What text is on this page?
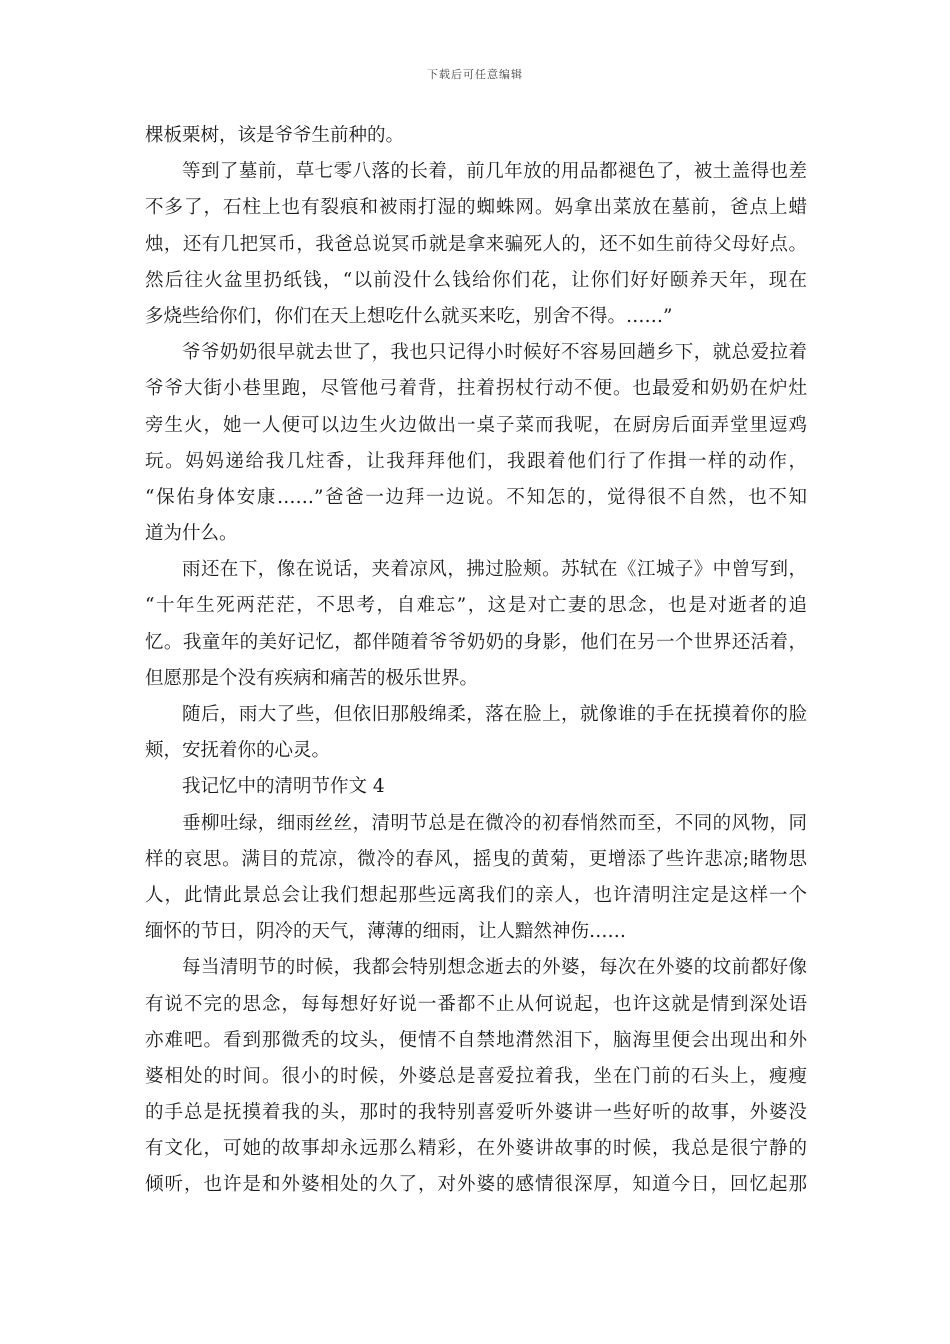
下载后可任意编辑
棵板栗树，该是爷爷生前种的。
等到了墓前，草七零八落的长着，前几年放的用品都褪色了，被土盖得也差
不多了，石柱上也有裂痕和被雨打湿的蜘蛛网。妈拿出菜放在墓前，爸点上蜡
烛，还有几把冥币，我爸总说冥币就是拿来骗死人的，还不如生前待父母好点。
然后往火盆里扔纸钱，“以前没什么钱给你们花，让你们好好颐养天年，现在
多烧些给你们，你们在天上想吃什么就买来吃，别舍不得。……”
爷爷奶奶很早就去世了，我也只记得小时候好不容易回趟乡下，就总爱拉着
爷爷大街小巷里跑，尽管他弓着背，拄着拐杖行动不便。也最爱和奶奶在炉灶
旁生火，她一人便可以边生火边做出一桌子菜而我呢，在厨房后面弄堂里逗鸡
玩。妈妈递给我几炷香，让我拜拜他们，我跟着他们行了作揖一样的动作，
“保佑身体安康……”爸爸一边拜一边说。不知怎的，觉得很不自然，也不知
道为什么。
雨还在下，像在说话，夹着凉风，拂过脸颊。苏轼在《江城子》中曾写到，
“十年生死两茫茫，不思考，自难忘”，这是对亡妻的思念，也是对逝者的追
忆。我童年的美好记忆，都伴随着爷爷奶奶的身影，他们在另一个世界还活着，
但愿那是个没有疾病和痛苦的极乐世界。
随后，雨大了些，但依旧那般绵柔，落在脸上，就像谁的手在抚摸着你的脸
颊，安抚着你的心灵。
我记忆中的清明节作文 4
垂柳吐绿，细雨丝丝，清明节总是在微冷的初春悄然而至，不同的风物，同
样的哀思。满目的荒凉，微冷的春风，摇曳的黄菊，更增添了些许悲凉;睹物思
人，此情此景总会让我们想起那些远离我们的亲人，也许清明注定是这样一个
缅怀的节日，阴冷的天气，薄薄的细雨，让人黯然神伤……
每当清明节的时候，我都会特别想念逝去的外婆，每次在外婆的坟前都好像
有说不完的思念，每每想好好说一番都不止从何说起，也许这就是情到深处语
亦难吧。看到那微秃的坟头，便情不自禁地潸然泪下，脑海里便会出现出和外
婆相处的时间。很小的时候，外婆总是喜爱拉着我，坐在门前的石头上，瘦瘦
的手总是抚摸着我的头，那时的我特别喜爱听外婆讲一些好听的故事，外婆没
有文化，可她的故事却永远那么精彩，在外婆讲故事的时候，我总是很宁静的
倾听，也许是和外婆相处的久了，对外婆的感情很深厚，知道今日，回忆起那
